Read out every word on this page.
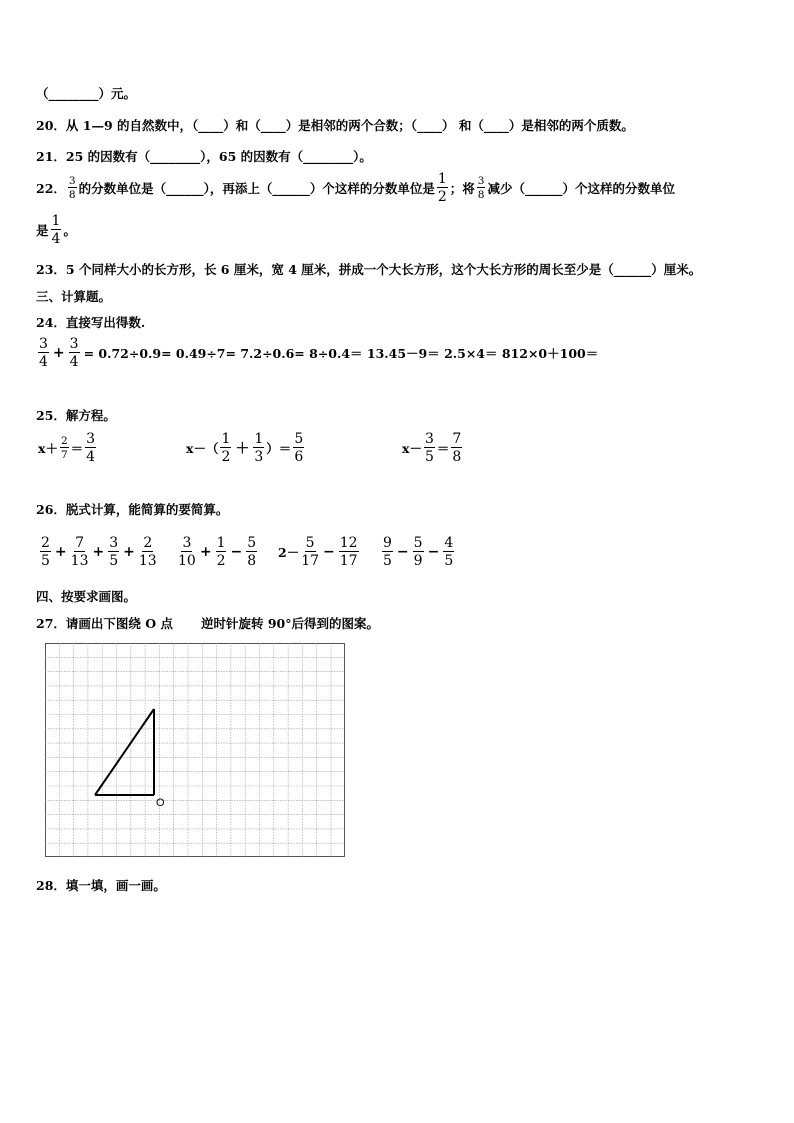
（________）元。
20．从 1—9 的自然数中，（____）和（____）是相邻的两个合数；（____） 和（____）是相邻的两个质数。
21．25 的因数有（________），65 的因数有（________）。
22． $\frac{3}{8}$ 的分数单位是（______），再添上（______）个这样的分数单位是 $\frac{1}{2}$ ；将 $\frac{3}{8}$ 减少（______）个这样的分数单位
是 $\frac{1}{4}$ 。
23．5 个同样大小的长方形，长 6 厘米，宽 4 厘米，拼成一个大长方形，这个大长方形的周长至少是（______）厘米。
三、计算题。
24．直接写出得数.
$\frac{3}{4} + \frac{3}{4} = 0.72\div 0.9= 0.49\div 7= 7.2\div 0.6= 8\div 0.4= 13.45-9= 2.5\times 4= 812\times 0+100=$
25．解方程。
$x+ \frac{2}{7} = \frac{3}{4}$	$x-( \frac{1}{2} + \frac{1}{3}$ ）＝ $\frac{5}{6}$	$x- \frac{3}{5} = \frac{7}{8}$
26．脱式计算，能简算的要简算。
$\frac{2}{5} + \frac{7}{13} + \frac{3}{5} + \frac{2}{13} \frac{3}{10} + \frac{1}{2} - \frac{5}{8} 2- \frac{5}{17} - \frac{12}{17} \frac{9}{5} - \frac{5}{9} - \frac{4}{5}$
四、按要求画图。
27．请画出下图绕 O 点 逆时针旋转 90°后得到的图案。
O
28．填一填，画一画。
